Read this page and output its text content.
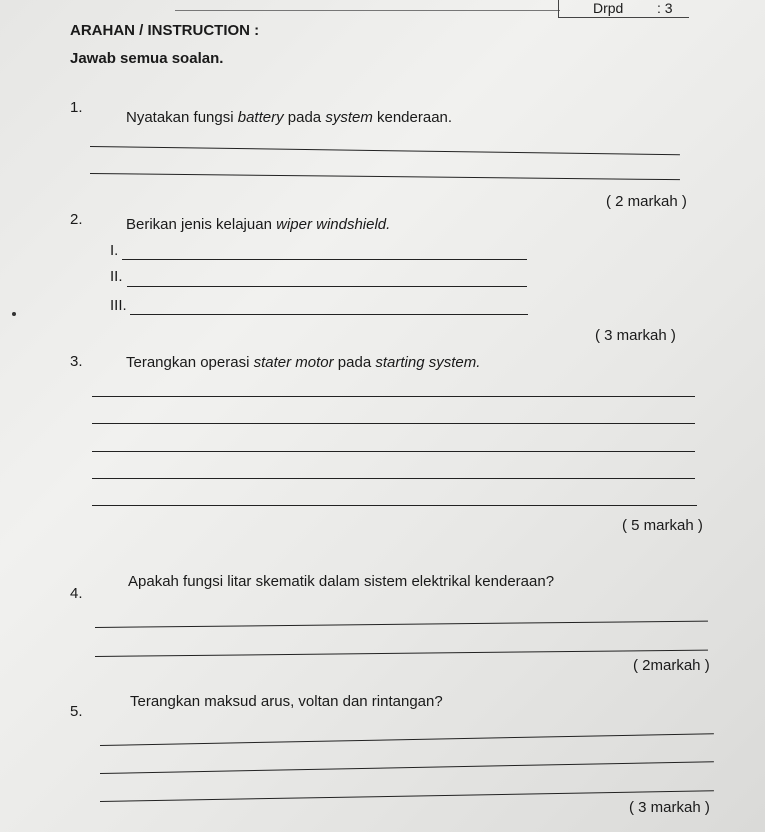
Drpd : 3
ARAHAN / INSTRUCTION :
Jawab semua soalan.
1.
Nyatakan fungsi battery pada system kenderaan.
( 2 markah )
2.	Berikan jenis kelajuan wiper windshield.
I.
II.
III.
( 3 markah )
3.	Terangkan operasi stater motor pada starting system.
( 5 markah )
4.
Apakah fungsi litar skematik dalam sistem elektrikal kenderaan?
( 2markah )
5.
Terangkan maksud arus, voltan dan rintangan?
( 3 markah )
